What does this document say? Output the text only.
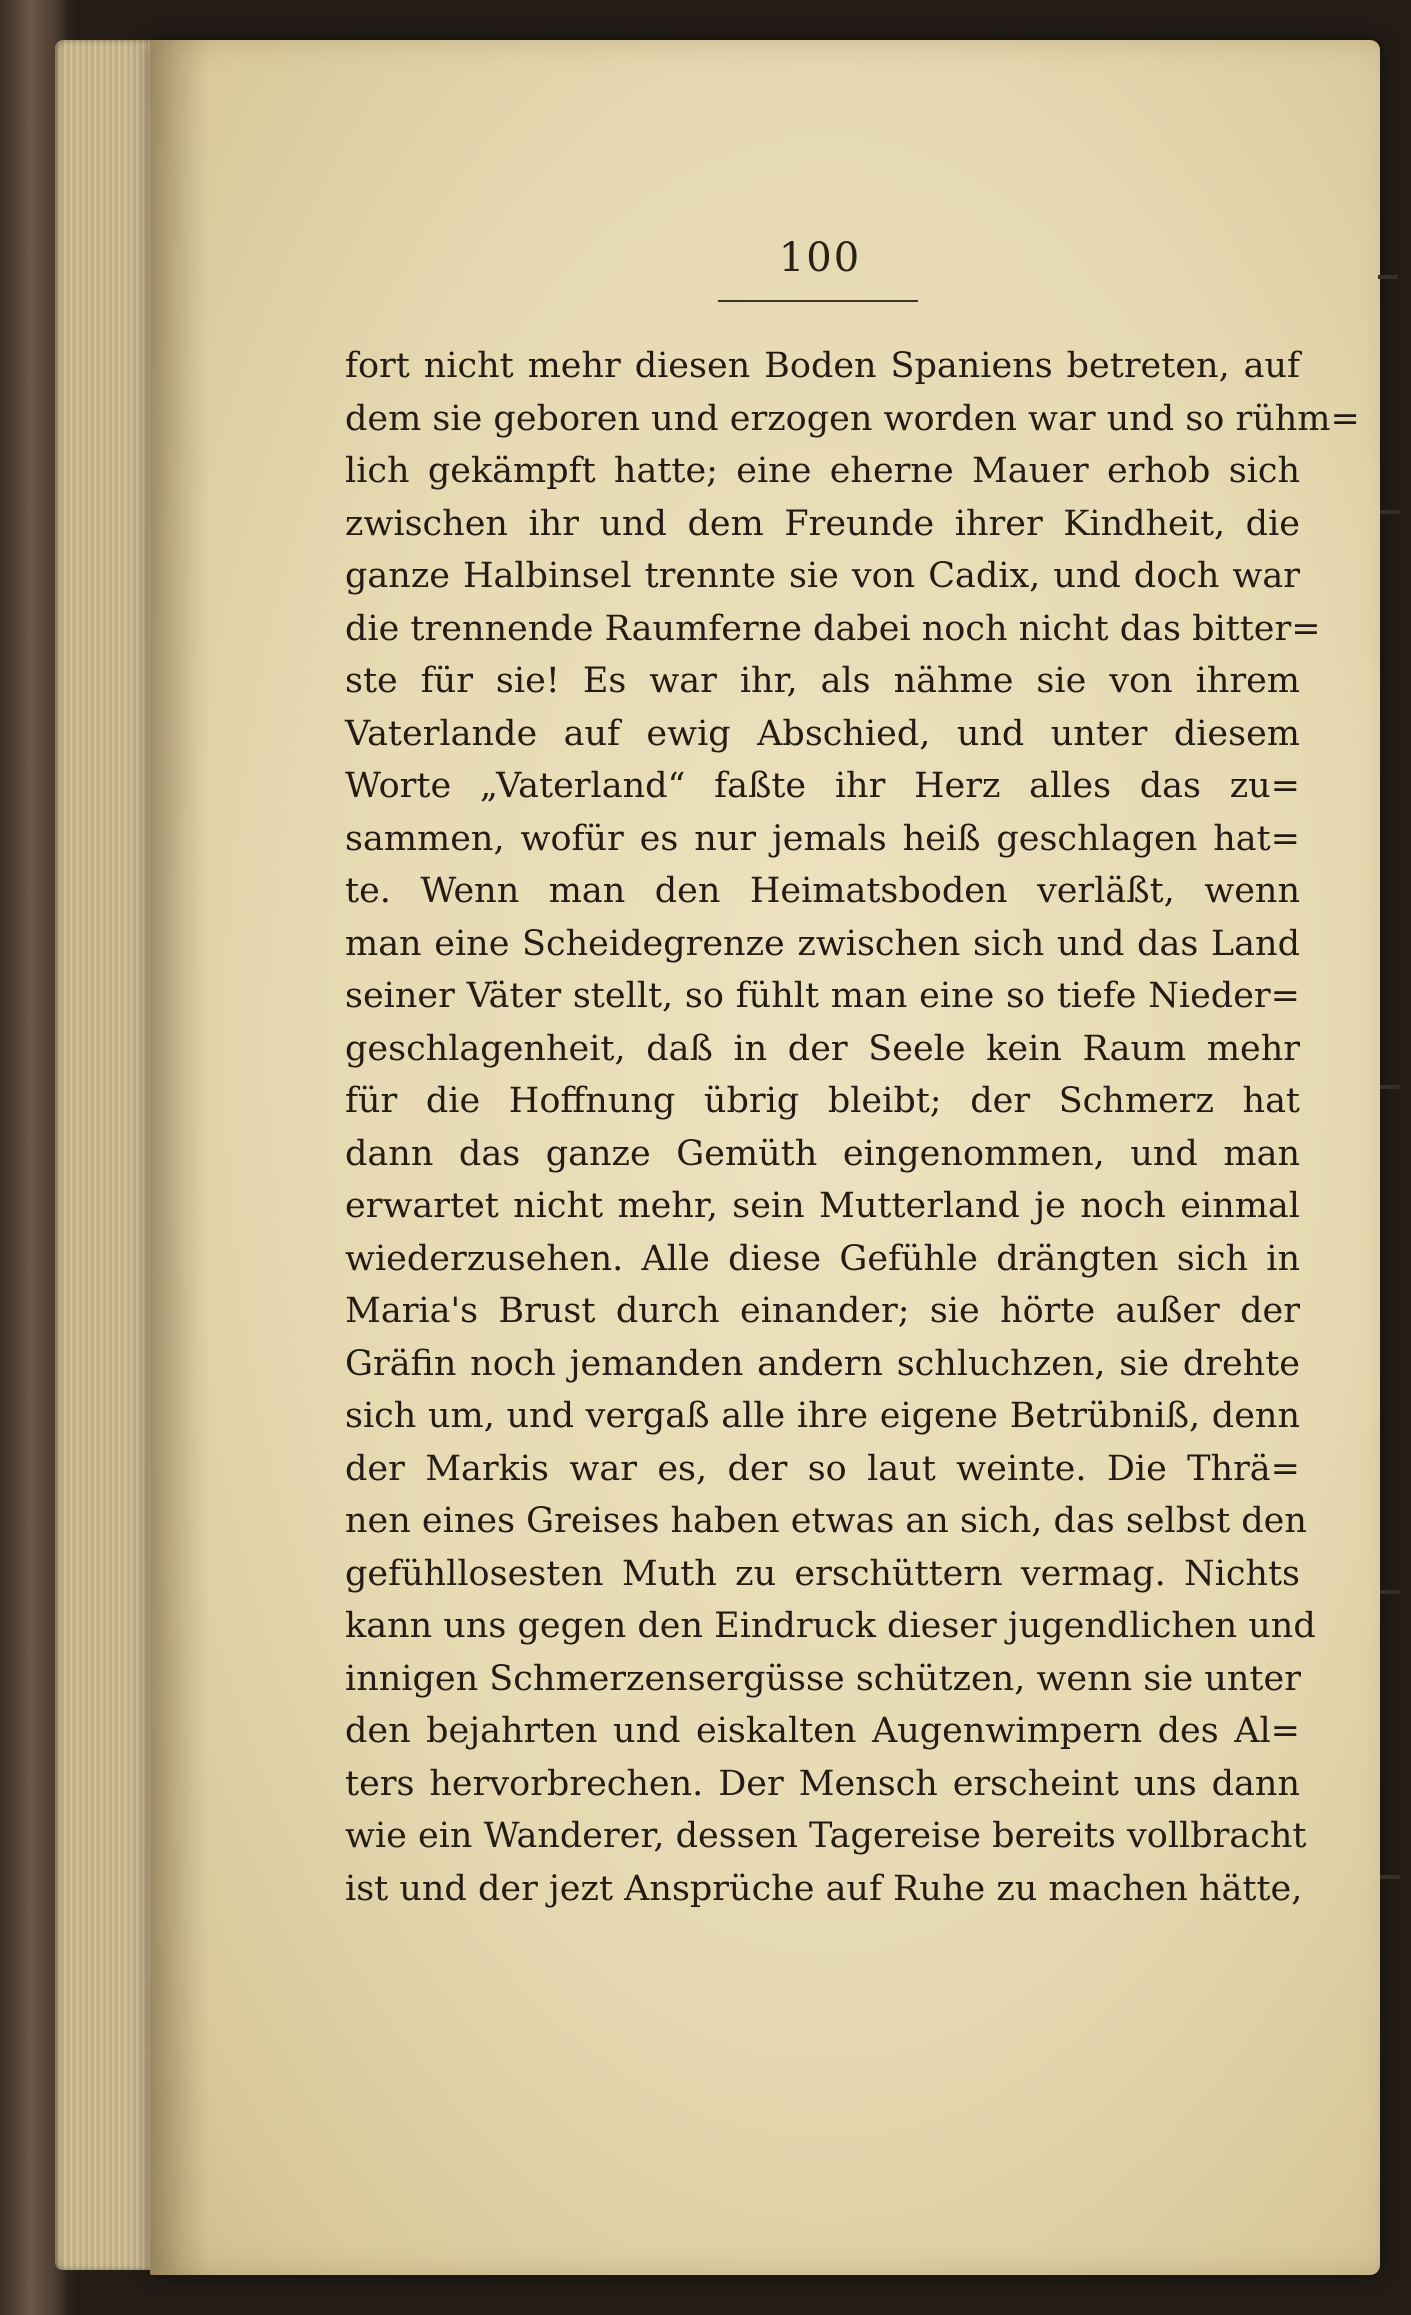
100
fort nicht mehr diesen Boden Spaniens betreten, auf
dem sie geboren und erzogen worden war und so rühm=
lich gekämpft hatte; eine eherne Mauer erhob sich
zwischen ihr und dem Freunde ihrer Kindheit, die
ganze Halbinsel trennte sie von Cadix, und doch war
die trennende Raumferne dabei noch nicht das bitter=
ste für sie! Es war ihr, als nähme sie von ihrem
Vaterlande auf ewig Abschied, und unter diesem
Worte „Vaterland“ faßte ihr Herz alles das zu=
sammen, wofür es nur jemals heiß geschlagen hat=
te. Wenn man den Heimatsboden verläßt, wenn
man eine Scheidegrenze zwischen sich und das Land
seiner Väter stellt, so fühlt man eine so tiefe Nieder=
geschlagenheit, daß in der Seele kein Raum mehr
für die Hoffnung übrig bleibt; der Schmerz hat
dann das ganze Gemüth eingenommen, und man
erwartet nicht mehr, sein Mutterland je noch einmal
wiederzusehen. Alle diese Gefühle drängten sich in
Maria's Brust durch einander; sie hörte außer der
Gräfin noch jemanden andern schluchzen, sie drehte
sich um, und vergaß alle ihre eigene Betrübniß, denn
der Markis war es, der so laut weinte. Die Thrä=
nen eines Greises haben etwas an sich, das selbst den
gefühllosesten Muth zu erschüttern vermag. Nichts
kann uns gegen den Eindruck dieser jugendlichen und
innigen Schmerzensergüsse schützen, wenn sie unter
den bejahrten und eiskalten Augenwimpern des Al=
ters hervorbrechen. Der Mensch erscheint uns dann
wie ein Wanderer, dessen Tagereise bereits vollbracht
ist und der jezt Ansprüche auf Ruhe zu machen hätte,
